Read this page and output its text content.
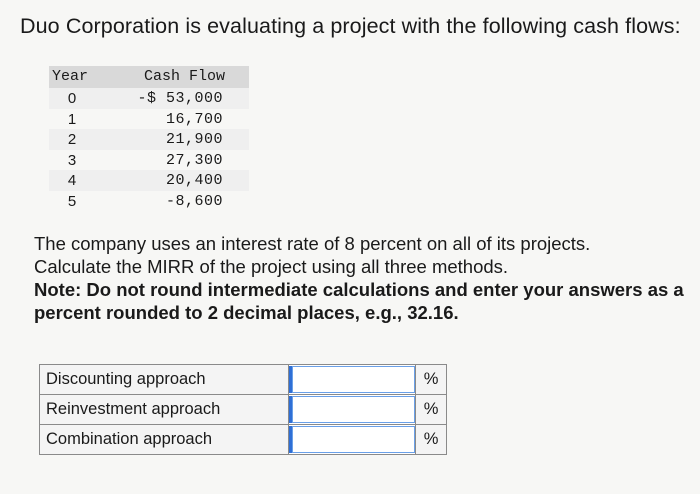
Duo Corporation is evaluating a project with the following cash flows:
Year	Cash Flow
0	-$ 53,000
1	16,700
2	21,900
3	27,300
4	20,400
5	-8,600
The company uses an interest rate of 8 percent on all of its projects.
Calculate the MIRR of the project using all three methods.
Note: Do not round intermediate calculations and enter your answers as a percent rounded to 2 decimal places, e.g., 32.16.
Discounting approach		%
Reinvestment approach		%
Combination approach		%
